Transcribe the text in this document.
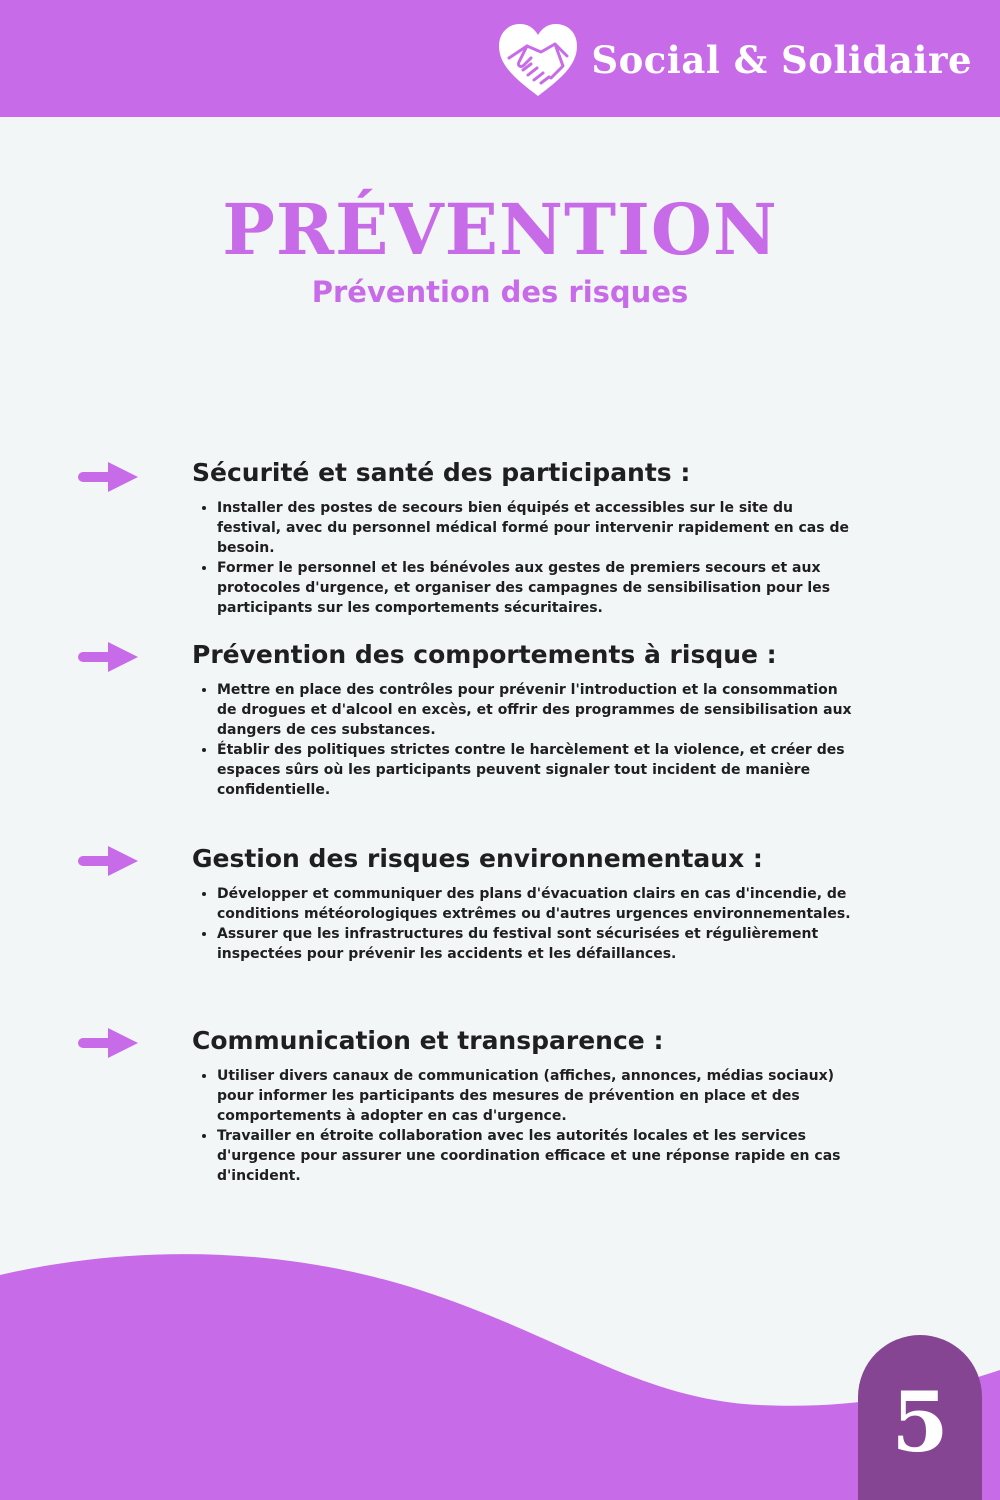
Social & Solidaire
PRÉVENTION
Prévention des risques
Sécurité et santé des participants :
Installer des postes de secours bien équipés et accessibles sur le site du festival, avec du personnel médical formé pour intervenir rapidement en cas de besoin.
Former le personnel et les bénévoles aux gestes de premiers secours et aux protocoles d'urgence, et organiser des campagnes de sensibilisation pour les participants sur les comportements sécuritaires.
Prévention des comportements à risque :
Mettre en place des contrôles pour prévenir l'introduction et la consommation de drogues et d'alcool en excès, et offrir des programmes de sensibilisation aux dangers de ces substances.
Établir des politiques strictes contre le harcèlement et la violence, et créer des espaces sûrs où les participants peuvent signaler tout incident de manière confidentielle.
Gestion des risques environnementaux :
Développer et communiquer des plans d'évacuation clairs en cas d'incendie, de conditions météorologiques extrêmes ou d'autres urgences environnementales.
Assurer que les infrastructures du festival sont sécurisées et régulièrement inspectées pour prévenir les accidents et les défaillances.
Communication et transparence :
Utiliser divers canaux de communication (affiches, annonces, médias sociaux) pour informer les participants des mesures de prévention en place et des comportements à adopter en cas d'urgence.
Travailler en étroite collaboration avec les autorités locales et les services d'urgence pour assurer une coordination efficace et une réponse rapide en cas d'incident.
5
